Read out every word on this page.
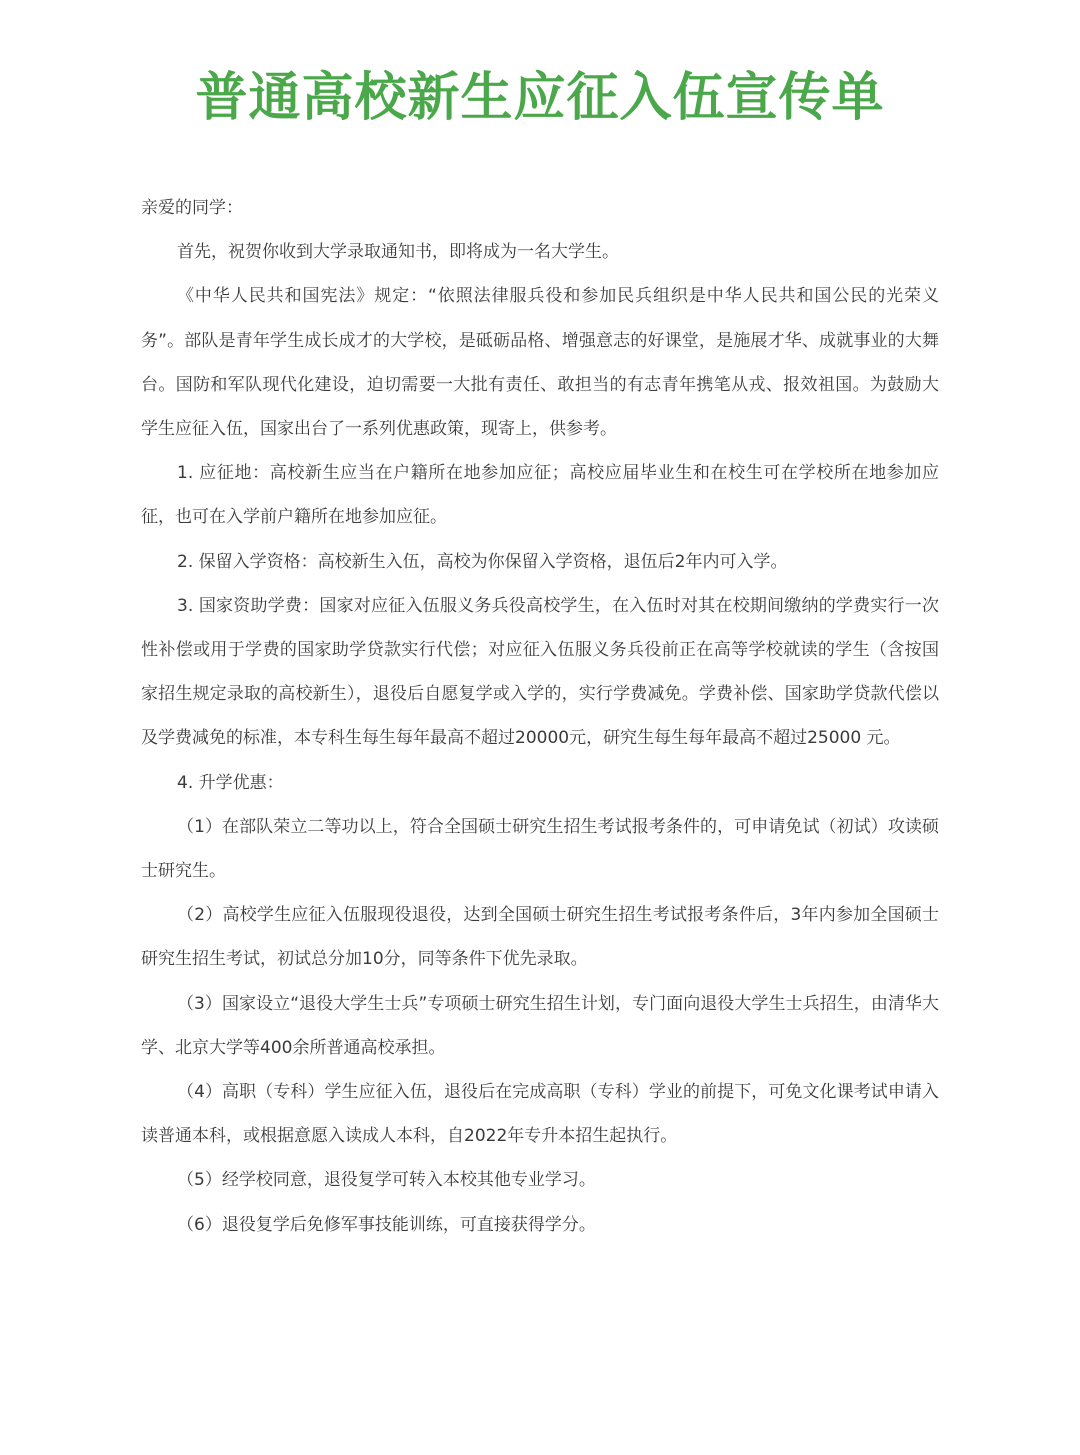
普通高校新生应征入伍宣传单

亲爱的同学：

首先，祝贺你收到大学录取通知书，即将成为一名大学生。

《中华人民共和国宪法》规定：“依照法律服兵役和参加民兵组织是中华人民共和国公民的光荣义务”。部队是青年学生成长成才的大学校，是砥砺品格、增强意志的好课堂，是施展才华、成就事业的大舞台。国防和军队现代化建设，迫切需要一大批有责任、敢担当的有志青年携笔从戎、报效祖国。为鼓励大学生应征入伍，国家出台了一系列优惠政策，现寄上，供参考。

1. 应征地：高校新生应当在户籍所在地参加应征；高校应届毕业生和在校生可在学校所在地参加应征，也可在入学前户籍所在地参加应征。

2. 保留入学资格：高校新生入伍，高校为你保留入学资格，退伍后2年内可入学。

3. 国家资助学费：国家对应征入伍服义务兵役高校学生，在入伍时对其在校期间缴纳的学费实行一次性补偿或用于学费的国家助学贷款实行代偿；对应征入伍服义务兵役前正在高等学校就读的学生（含按国家招生规定录取的高校新生），退役后自愿复学或入学的，实行学费减免。学费补偿、国家助学贷款代偿以及学费减免的标准，本专科生每生每年最高不超过20000元，研究生每生每年最高不超过25000 元。

4. 升学优惠：

（1）在部队荣立二等功以上，符合全国硕士研究生招生考试报考条件的，可申请免试（初试）攻读硕士研究生。

（2）高校学生应征入伍服现役退役，达到全国硕士研究生招生考试报考条件后，3年内参加全国硕士研究生招生考试，初试总分加10分，同等条件下优先录取。

（3）国家设立“退役大学生士兵”专项硕士研究生招生计划，专门面向退役大学生士兵招生，由清华大学、北京大学等400余所普通高校承担。

（4）高职（专科）学生应征入伍，退役后在完成高职（专科）学业的前提下，可免文化课考试申请入读普通本科，或根据意愿入读成人本科，自2022年专升本招生起执行。

（5）经学校同意，退役复学可转入本校其他专业学习。

（6）退役复学后免修军事技能训练，可直接获得学分。
